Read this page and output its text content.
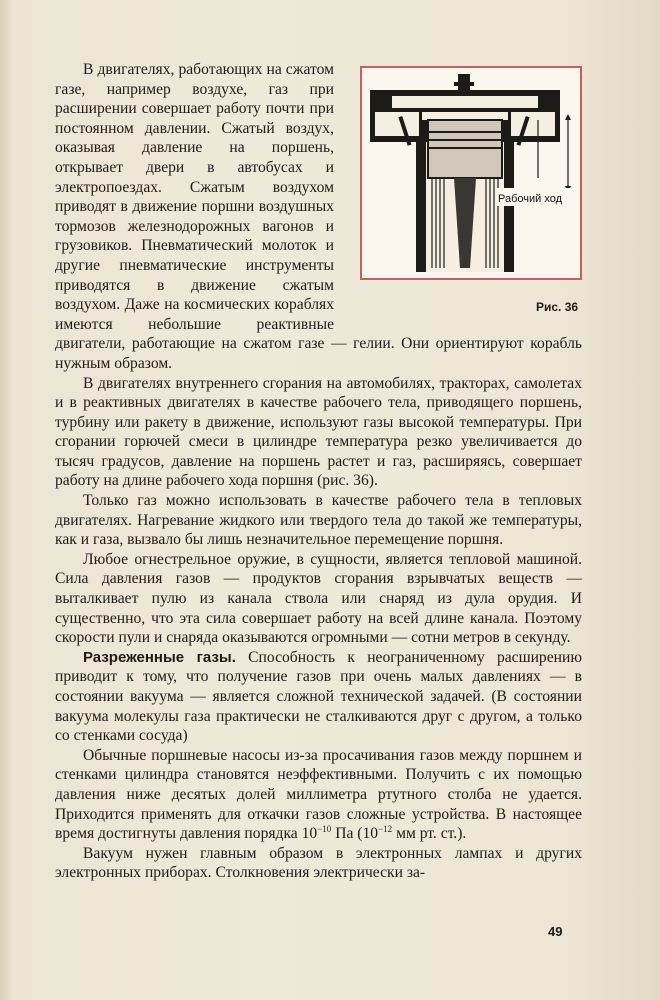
Рабочий ход
Рис. 36

В двигателях, работающих на сжатом газе, например воздухе, газ при расширении совершает работу почти при постоянном давлении. Сжатый воздух, оказывая давление на поршень, открывает двери в автобусах и электропоездах. Сжатым воздухом приводят в движение поршни воздушных тормозов железнодорожных вагонов и грузовиков. Пневматический молоток и другие пневматические инструменты приводятся в движение сжатым воздухом. Даже на космических кораблях имеются небольшие реактивные двигатели, работающие на сжатом газе — гелии. Они ориентируют корабль нужным образом.

В двигателях внутреннего сгорания на автомобилях, тракторах, самолетах и в реактивных двигателях в качестве рабочего тела, приводящего поршень, турбину или ракету в движение, используют газы высокой температуры. При сгорании горючей смеси в цилиндре температура резко увеличивается до тысяч градусов, давление на поршень растет и газ, расширяясь, совершает работу на длине рабочего хода поршня (рис. 36).

Только газ можно использовать в качестве рабочего тела в тепловых двигателях. Нагревание жидкого или твердого тела до такой же температуры, как и газа, вызвало бы лишь незначительное перемещение поршня.

Любое огнестрельное оружие, в сущности, является тепловой машиной. Сила давления газов — продуктов сгорания взрывчатых веществ — выталкивает пулю из канала ствола или снаряд из дула орудия. И существенно, что эта сила совершает работу на всей длине канала. Поэтому скорости пули и снаряда оказываются огромными — сотни метров в секунду.

Разреженные газы. Способность к неограниченному расширению приводит к тому, что получение газов при очень малых давлениях — в состоянии вакуума — является сложной технической задачей. (В состоянии вакуума молекулы газа практически не сталкиваются друг с другом, а только со стенками сосуда)

Обычные поршневые насосы из-за просачивания газов между поршнем и стенками цилиндра становятся неэффективными. Получить с их помощью давления ниже десятых долей миллиметра ртутного столба не удается. Приходится применять для откачки газов сложные устройства. В настоящее время достигнуты давления порядка $10^{-10}$ Па ($10^{-12}$ мм рт. ст.).

Вакуум нужен главным образом в электронных лампах и других электронных приборах. Столкновения электрически за-

49
